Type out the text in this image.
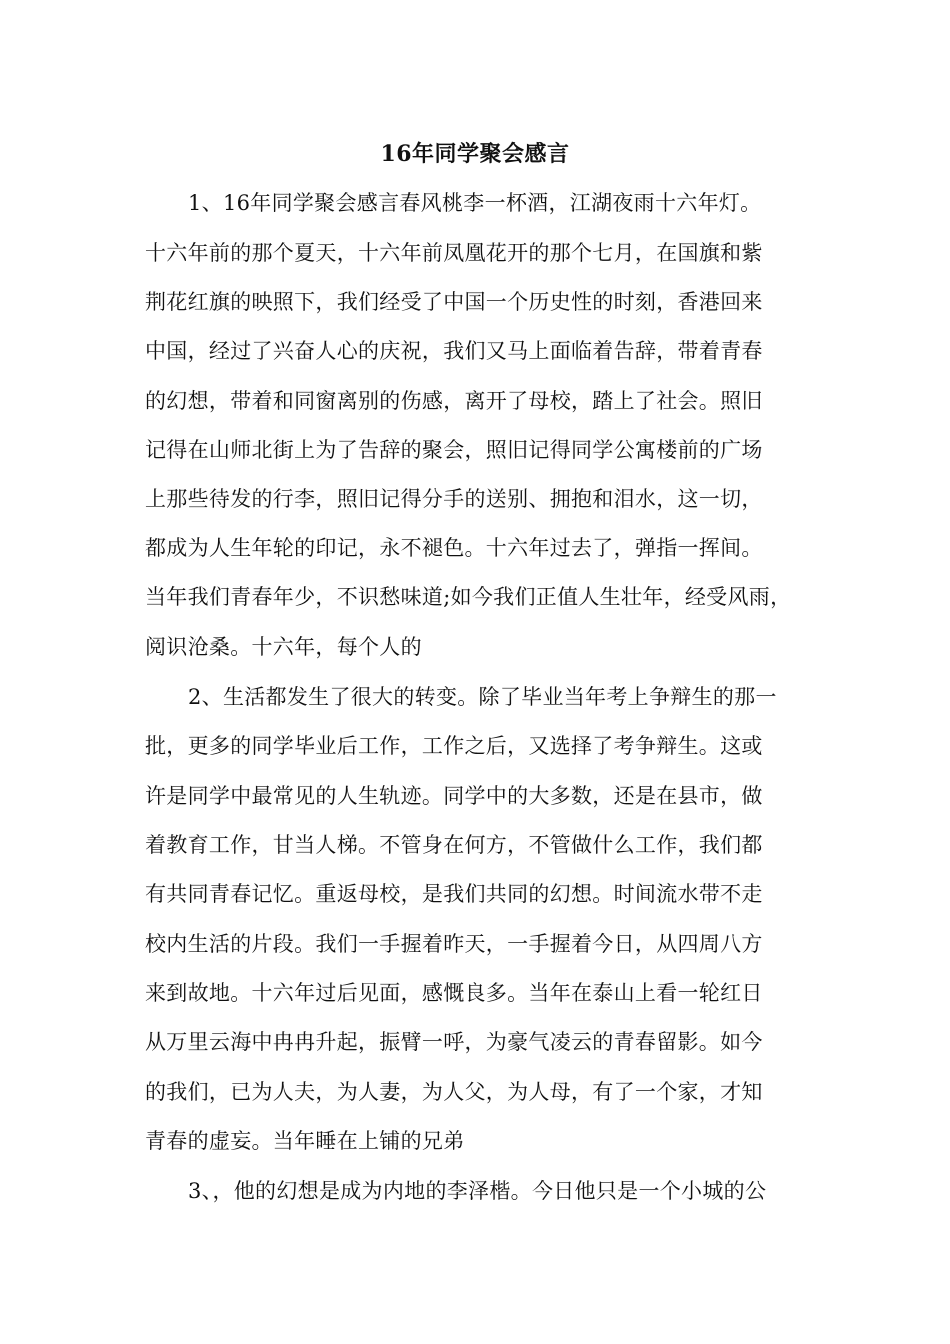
16年同学聚会感言
1、16年同学聚会感言春风桃李一杯酒，江湖夜雨十六年灯。
十六年前的那个夏天，十六年前凤凰花开的那个七月，在国旗和紫
荆花红旗的映照下，我们经受了中国一个历史性的时刻，香港回来
中国，经过了兴奋人心的庆祝，我们又马上面临着告辞，带着青春
的幻想，带着和同窗离别的伤感，离开了母校，踏上了社会。照旧
记得在山师北街上为了告辞的聚会，照旧记得同学公寓楼前的广场
上那些待发的行李，照旧记得分手的送别、拥抱和泪水，这一切，
都成为人生年轮的印记，永不褪色。十六年过去了，弹指一挥间。
当年我们青春年少，不识愁味道;如今我们正值人生壮年，经受风雨，
阅识沧桑。十六年，每个人的
2、生活都发生了很大的转变。除了毕业当年考上争辩生的那一
批，更多的同学毕业后工作，工作之后，又选择了考争辩生。这或
许是同学中最常见的人生轨迹。同学中的大多数，还是在县市，做
着教育工作，甘当人梯。不管身在何方，不管做什么工作，我们都
有共同青春记忆。重返母校，是我们共同的幻想。时间流水带不走
校内生活的片段。我们一手握着昨天，一手握着今日，从四周八方
来到故地。十六年过后见面，感慨良多。当年在泰山上看一轮红日
从万里云海中冉冉升起，振臂一呼，为豪气凌云的青春留影。如今
的我们，已为人夫，为人妻，为人父，为人母，有了一个家，才知
青春的虚妄。当年睡在上铺的兄弟
3、，他的幻想是成为内地的李泽楷。今日他只是一个小城的公
